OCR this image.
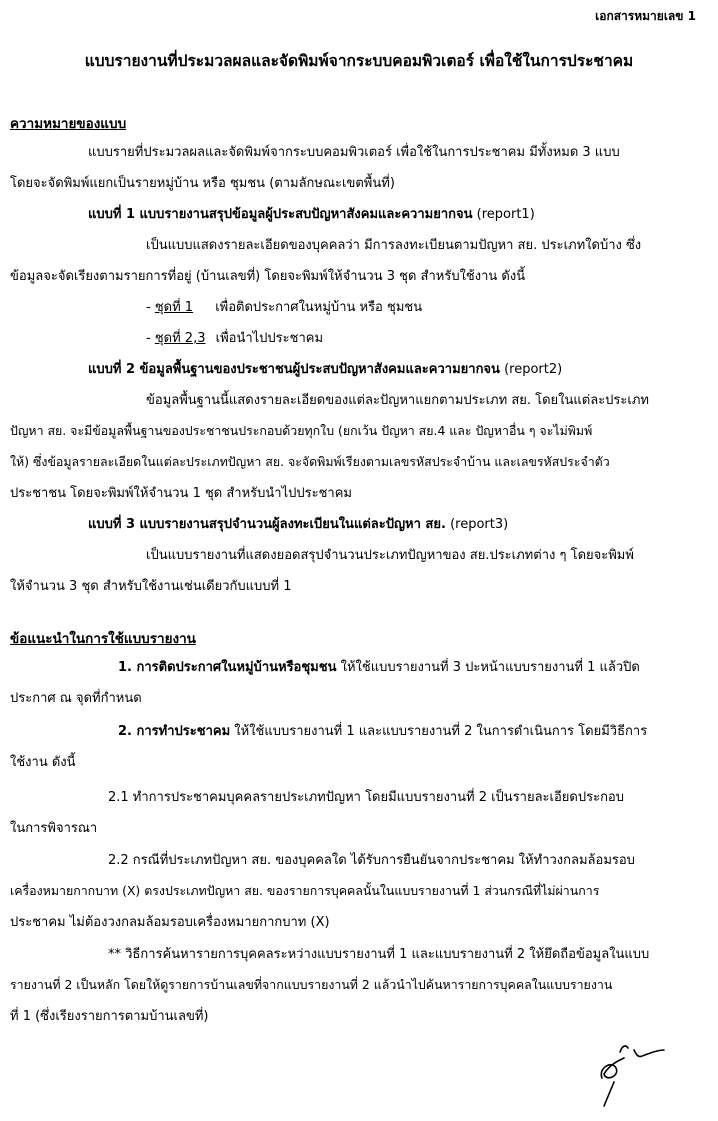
เอกสารหมายเลข 1
แบบรายงานที่ประมวลผลและจัดพิมพ์จากระบบคอมพิวเตอร์ เพื่อใช้ในการประชาคม
ความหมายของแบบ
แบบรายที่ประมวลผลและจัดพิมพ์จากระบบคอมพิวเตอร์ เพื่อใช้ในการประชาคม มีทั้งหมด 3 แบบ
โดยจะจัดพิมพ์แยกเป็นรายหมู่บ้าน หรือ ชุมชน (ตามลักษณะเขตพื้นที่)
แบบที่ 1 แบบรายงานสรุปข้อมูลผู้ประสบปัญหาสังคมและความยากจน (report1)
เป็นแบบแสดงรายละเอียดของบุคคลว่า มีการลงทะเบียนตามปัญหา สย. ประเภทใดบ้าง ซึ่ง
ข้อมูลจะจัดเรียงตามรายการที่อยู่ (บ้านเลขที่) โดยจะพิมพ์ให้จำนวน 3 ชุด สำหรับใช้งาน ดังนี้
- ชุดที่ 1 เพื่อติดประกาศในหมู่บ้าน หรือ ชุมชน
- ชุดที่ 2,3 เพื่อนำไปประชาคม
แบบที่ 2 ข้อมูลพื้นฐานของประชาชนผู้ประสบปัญหาสังคมและความยากจน (report2)
ข้อมูลพื้นฐานนี้แสดงรายละเอียดของแต่ละปัญหาแยกตามประเภท สย. โดยในแต่ละประเภท
ปัญหา สย. จะมีข้อมูลพื้นฐานของประชาชนประกอบด้วยทุกใบ (ยกเว้น ปัญหา สย.4 และ ปัญหาอื่น ๆ จะไม่พิมพ์
ให้) ซึ่งข้อมูลรายละเอียดในแต่ละประเภทปัญหา สย. จะจัดพิมพ์เรียงตามเลขรหัสประจำบ้าน และเลขรหัสประจำตัว
ประชาชน โดยจะพิมพ์ให้จำนวน 1 ชุด สำหรับนำไปประชาคม
แบบที่ 3 แบบรายงานสรุปจำนวนผู้ลงทะเบียนในแต่ละปัญหา สย. (report3)
เป็นแบบรายงานที่แสดงยอดสรุปจำนวนประเภทปัญหาของ สย.ประเภทต่าง ๆ โดยจะพิมพ์
ให้จำนวน 3 ชุด สำหรับใช้งานเช่นเดียวกับแบบที่ 1
ข้อแนะนำในการใช้แบบรายงาน
1. การติดประกาศในหมู่บ้านหรือชุมชน ให้ใช้แบบรายงานที่ 3 ปะหน้าแบบรายงานที่ 1 แล้วปิด
ประกาศ ณ จุดที่กำหนด
2. การทำประชาคม ให้ใช้แบบรายงานที่ 1 และแบบรายงานที่ 2 ในการดำเนินการ โดยมีวิธีการ
ใช้งาน ดังนี้
2.1 ทำการประชาคมบุคคลรายประเภทปัญหา โดยมีแบบรายงานที่ 2 เป็นรายละเอียดประกอบ
ในการพิจารณา
2.2 กรณีที่ประเภทปัญหา สย. ของบุคคลใด ได้รับการยืนยันจากประชาคม ให้ทำวงกลมล้อมรอบ
เครื่องหมายกากบาท (X) ตรงประเภทปัญหา สย. ของรายการบุคคลนั้นในแบบรายงานที่ 1 ส่วนกรณีที่ไม่ผ่านการ
ประชาคม ไม่ต้องวงกลมล้อมรอบเครื่องหมายกากบาท (X)
** วิธีการค้นหารายการบุคคลระหว่างแบบรายงานที่ 1 และแบบรายงานที่ 2 ให้ยึดถือข้อมูลในแบบ
รายงานที่ 2 เป็นหลัก โดยให้ดูรายการบ้านเลขที่จากแบบรายงานที่ 2 แล้วนำไปค้นหารายการบุคคลในแบบรายงาน
ที่ 1 (ซึ่งเรียงรายการตามบ้านเลขที่)
